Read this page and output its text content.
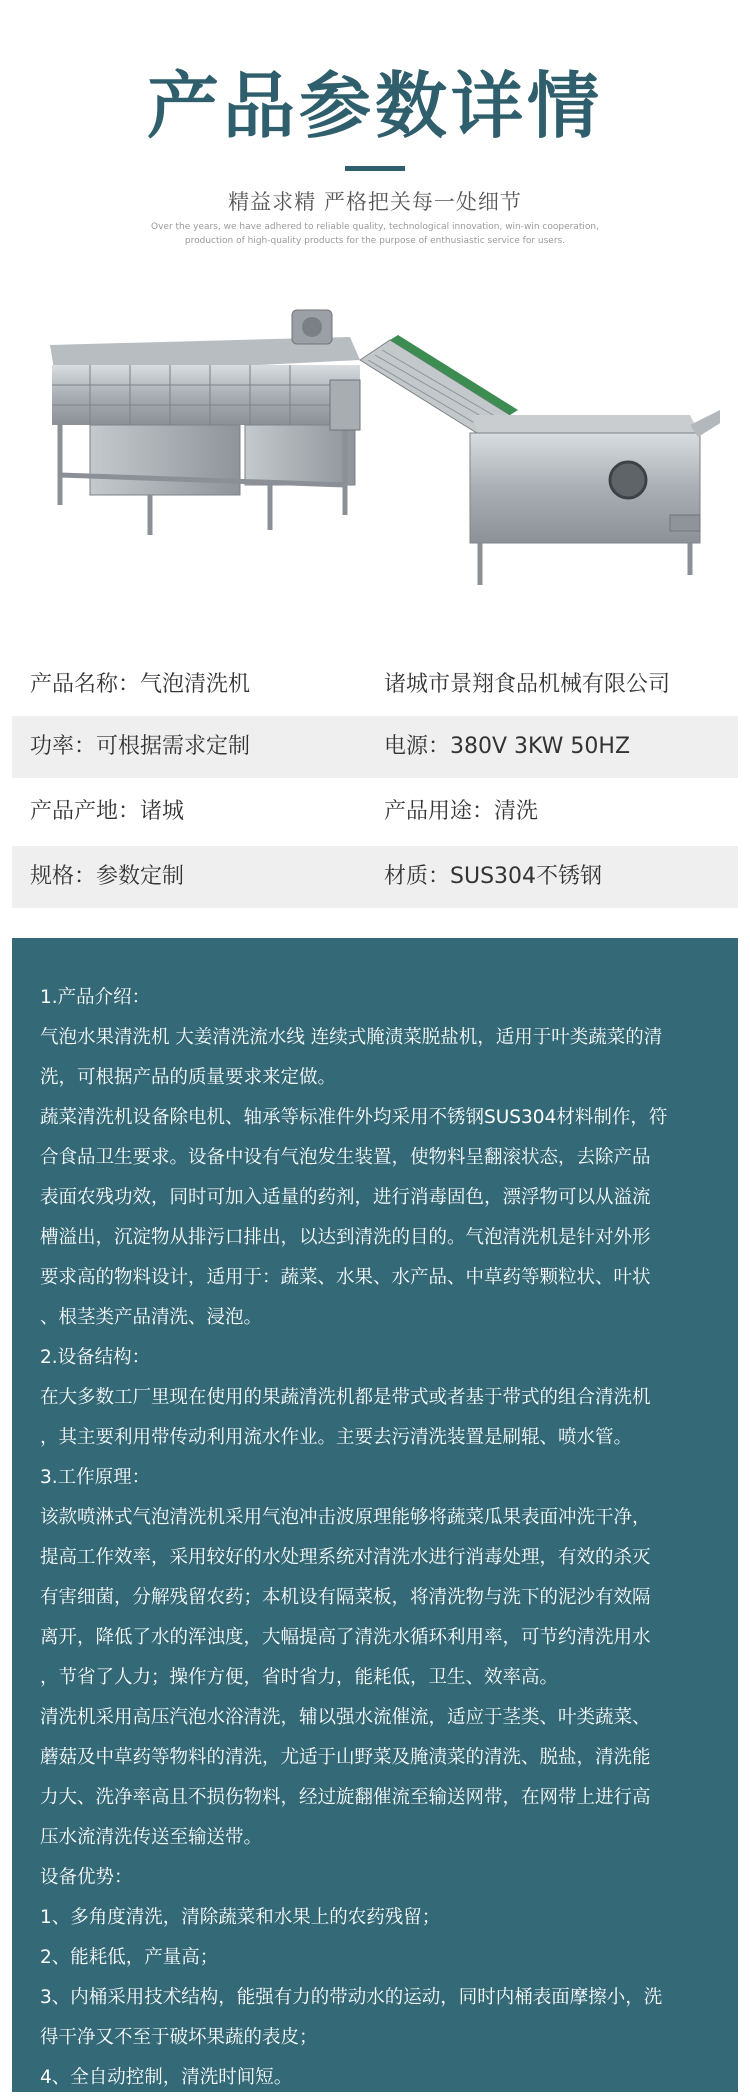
产品参数详情
精益求精 严格把关每一处细节
Over the years, we have adhered to reliable quality, technological innovation, win-win cooperation,
production of high-quality products for the purpose of enthusiastic service for users.
产品名称：气泡清洗机	诸城市景翔食品机械有限公司
功率：可根据需求定制	电源：380V 3KW 50HZ
产品产地：诸城	产品用途：清洗
规格：参数定制	材质：SUS304不锈钢

1.产品介绍：

气泡水果清洗机 大姜清洗流水线 连续式腌渍菜脱盐机，适用于叶类蔬菜的清

洗，可根据产品的质量要求来定做。

蔬菜清洗机设备除电机、轴承等标准件外均采用不锈钢SUS304材料制作，符

合食品卫生要求。设备中设有气泡发生装置，使物料呈翻滚状态，去除产品

表面农残功效，同时可加入适量的药剂，进行消毒固色，漂浮物可以从溢流

槽溢出，沉淀物从排污口排出，以达到清洗的目的。气泡清洗机是针对外形

要求高的物料设计，适用于：蔬菜、水果、水产品、中草药等颗粒状、叶状

、根茎类产品清洗、浸泡。

2.设备结构：

在大多数工厂里现在使用的果蔬清洗机都是带式或者基于带式的组合清洗机

，其主要利用带传动利用流水作业。主要去污清洗装置是刷辊、喷水管。

3.工作原理：

该款喷淋式气泡清洗机采用气泡冲击波原理能够将蔬菜瓜果表面冲洗干净，

提高工作效率，采用较好的水处理系统对清洗水进行消毒处理，有效的杀灭

有害细菌，分解残留农药；本机设有隔菜板，将清洗物与洗下的泥沙有效隔

离开，降低了水的浑浊度，大幅提高了清洗水循环利用率，可节约清洗用水

，节省了人力；操作方便，省时省力，能耗低，卫生、效率高。

清洗机采用高压汽泡水浴清洗，辅以强水流催流，适应于茎类、叶类蔬菜、

蘑菇及中草药等物料的清洗，尤适于山野菜及腌渍菜的清洗、脱盐，清洗能

力大、洗净率高且不损伤物料，经过旋翻催流至输送网带，在网带上进行高

压水流清洗传送至输送带。

设备优势：

1、多角度清洗，清除蔬菜和水果上的农药残留；

2、能耗低，产量高；

3、内桶采用技术结构，能强有力的带动水的运动，同时内桶表面摩擦小，洗

得干净又不至于破坏果蔬的表皮；

4、全自动控制，清洗时间短。
